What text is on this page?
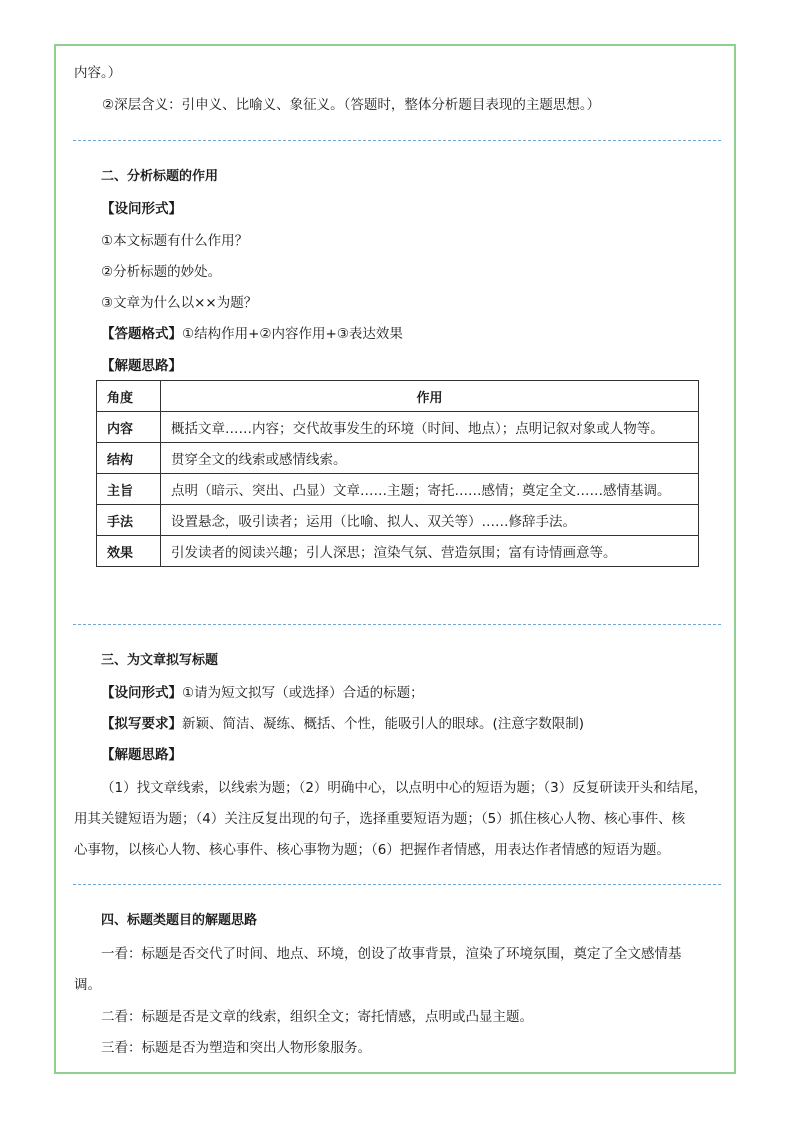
内容。）
②深层含义：引申义、比喻义、象征义。（答题时，整体分析题目表现的主题思想。）
二、分析标题的作用
【设问形式】
①本文标题有什么作用？
②分析标题的妙处。
③文章为什么以××为题？
【答题格式】①结构作用+②内容作用+③表达效果
【解题思路】
角度	作用
内容	概括文章……内容；交代故事发生的环境（时间、地点）；点明记叙对象或人物等。
结构	贯穿全文的线索或感情线索。
主旨	点明（暗示、突出、凸显）文章……主题；寄托……感情；奠定全文……感情基调。
手法	设置悬念，吸引读者；运用（比喻、拟人、双关等）……修辞手法。
效果	引发读者的阅读兴趣；引人深思；渲染气氛、营造氛围；富有诗情画意等。
三、为文章拟写标题
【设问形式】①请为短文拟写（或选择）合适的标题；
【拟写要求】新颖、简洁、凝练、概括、个性，能吸引人的眼球。(注意字数限制)
【解题思路】
（1）找文章线索，以线索为题；（2）明确中心，以点明中心的短语为题；（3）反复研读开头和结尾，
用其关键短语为题；（4）关注反复出现的句子，选择重要短语为题；（5）抓住核心人物、核心事件、核
心事物，以核心人物、核心事件、核心事物为题；（6）把握作者情感，用表达作者情感的短语为题。
四、标题类题目的解题思路
一看：标题是否交代了时间、地点、环境，创设了故事背景，渲染了环境氛围，奠定了全文感情基
调。
二看：标题是否是文章的线索，组织全文；寄托情感，点明或凸显主题。
三看：标题是否为塑造和突出人物形象服务。
